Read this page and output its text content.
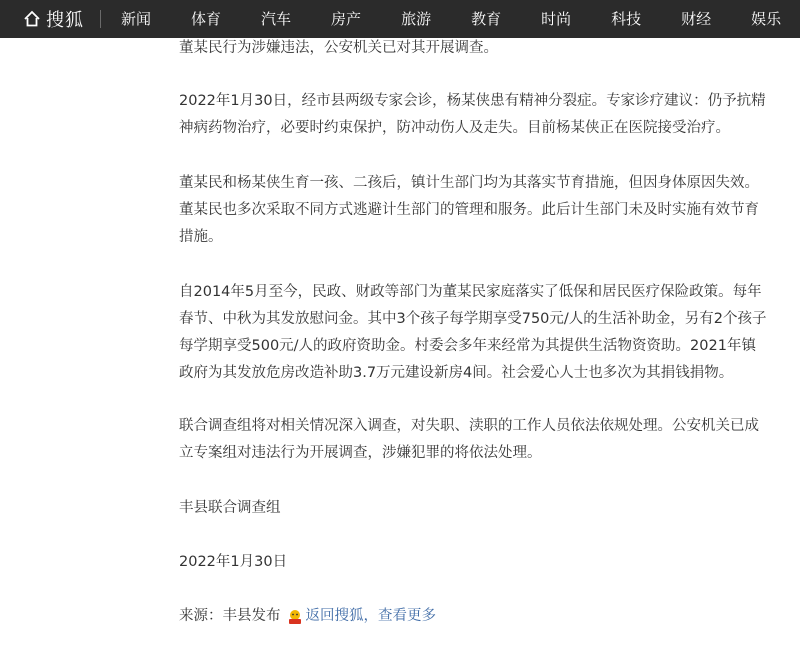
搜狐 新闻	体育	汽车	房产	旅游	教育	时尚	科技	财经	娱乐

董某民行为涉嫌违法，公安机关已对其开展调查。

2022年1月30日，经市县两级专家会诊，杨某侠患有精神分裂症。专家诊疗建议：仍予抗精神病药物治疗，必要时约束保护，防冲动伤人及走失。目前杨某侠正在医院接受治疗。

董某民和杨某侠生育一孩、二孩后，镇计生部门均为其落实节育措施，但因身体原因失效。董某民也多次采取不同方式逃避计生部门的管理和服务。此后计生部门未及时实施有效节育措施。

自2014年5月至今，民政、财政等部门为董某民家庭落实了低保和居民医疗保险政策。每年春节、中秋为其发放慰问金。其中3个孩子每学期享受750元/人的生活补助金，另有2个孩子每学期享受500元/人的政府资助金。村委会多年来经常为其提供生活物资资助。2021年镇政府为其发放危房改造补助3.7万元建设新房4间。社会爱心人士也多次为其捐钱捐物。

联合调查组将对相关情况深入调查，对失职、渎职的工作人员依法依规处理。公安机关已成立专案组对违法行为开展调查，涉嫌犯罪的将依法处理。

丰县联合调查组

2022年1月30日

来源：丰县发布 返回搜狐 ， 查看更多
